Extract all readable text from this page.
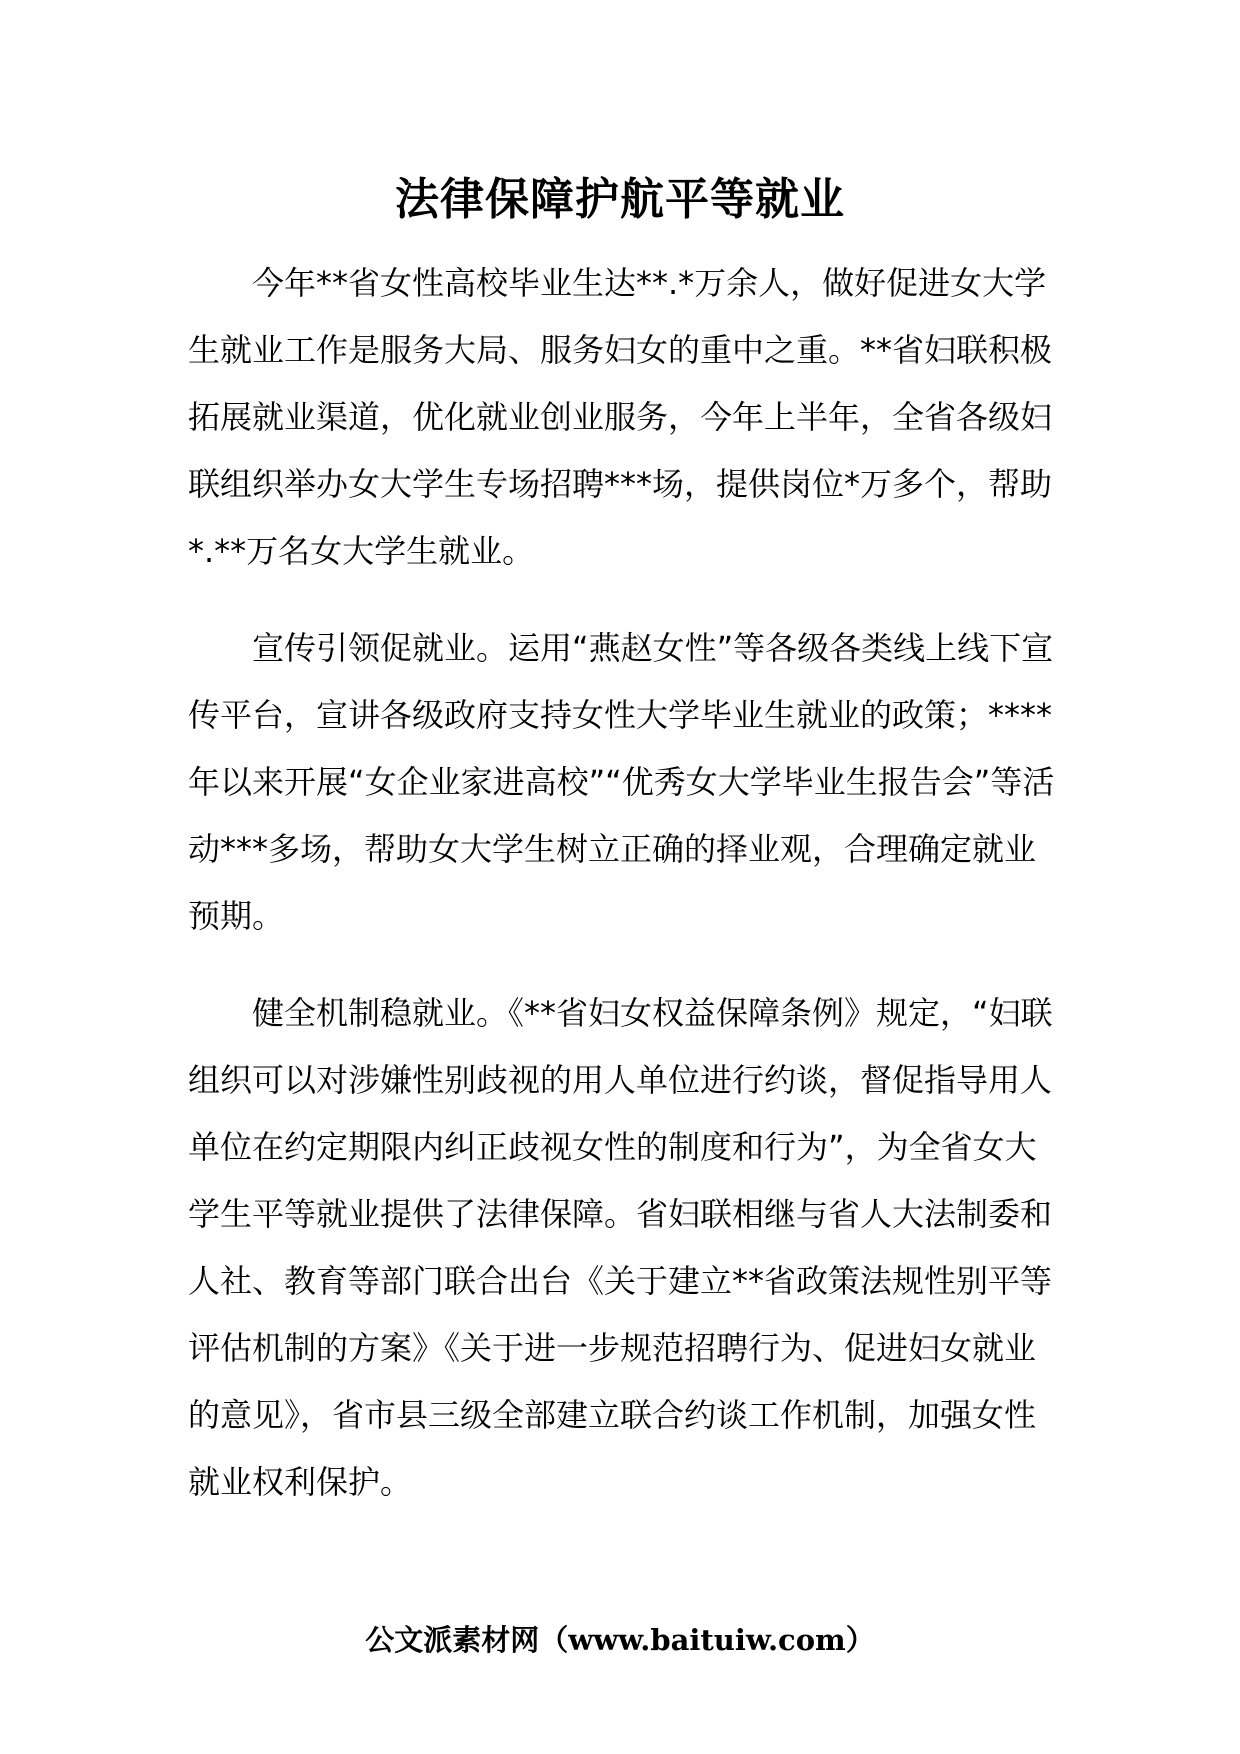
法律保障护航平等就业

今年**省女性高校毕业生达**.*万余人，做好促进女大学生就业工作是服务大局、服务妇女的重中之重。**省妇联积极拓展就业渠道，优化就业创业服务，今年上半年，全省各级妇联组织举办女大学生专场招聘***场，提供岗位*万多个，帮助*.**万名女大学生就业。

宣传引领促就业。运用“燕赵女性”等各级各类线上线下宣传平台，宣讲各级政府支持女性大学毕业生就业的政策；****年以来开展“女企业家进高校”“优秀女大学毕业生报告会”等活动***多场，帮助女大学生树立正确的择业观，合理确定就业预期。

健全机制稳就业。《**省妇女权益保障条例》规定，“妇联组织可以对涉嫌性别歧视的用人单位进行约谈，督促指导用人单位在约定期限内纠正歧视女性的制度和行为”，为全省女大学生平等就业提供了法律保障。省妇联相继与省人大法制委和人社、教育等部门联合出台《关于建立**省政策法规性别平等评估机制的方案》《关于进一步规范招聘行为、促进妇女就业的意见》，省市县三级全部建立联合约谈工作机制，加强女性就业权利保护。

公文派素材网（www.baituiw.com）
